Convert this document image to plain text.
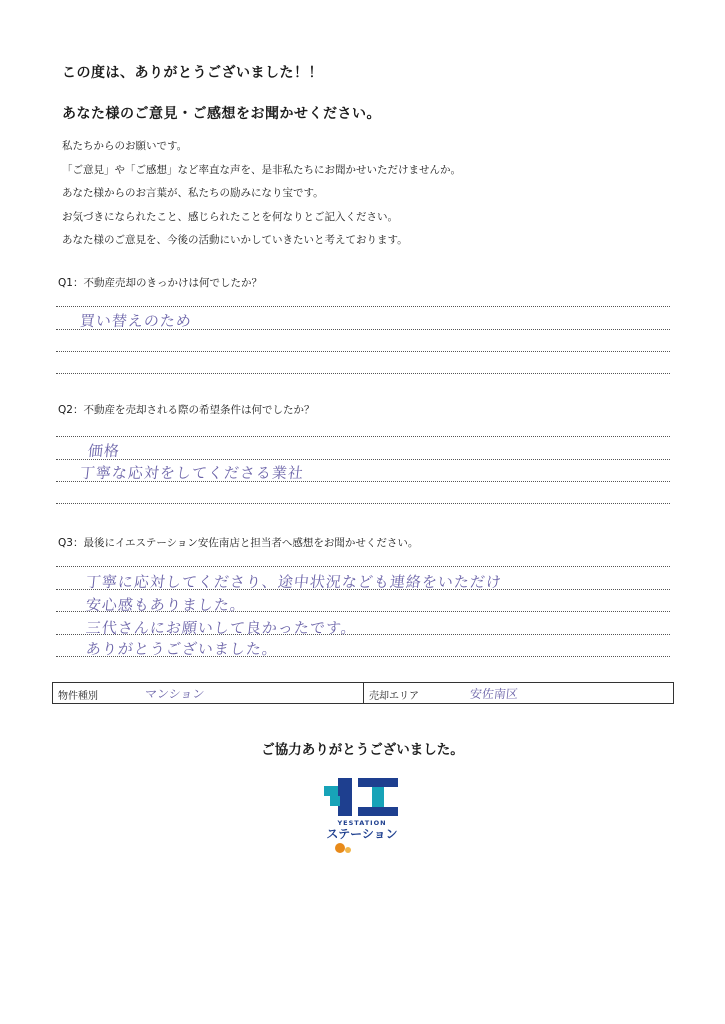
この度は、ありがとうございました！！
あなた様のご意見・ご感想をお聞かせください。
私たちからのお願いです。
「ご意見」や「ご感想」など率直な声を、是非私たちにお聞かせいただけませんか。
あなた様からのお言葉が、私たちの励みになり宝です。
お気づきになられたこと、感じられたことを何なりとご記入ください。
あなた様のご意見を、今後の活動にいかしていきたいと考えております。
Q1：不動産売却のきっかけは何でしたか？
買い替えのため
Q2：不動産を売却される際の希望条件は何でしたか？
価格
丁寧な応対をしてくださる業社
Q3：最後にイエステーション安佐南店と担当者へ感想をお聞かせください。
丁寧に応対してくださり、途中状況なども連絡をいただけ
安心感もありました。
三代さんにお願いして良かったです。
ありがとうございました。
物件種別	マンション	売却エリア	安佐南区
ご協力ありがとうございました。
YESTATION
ステーション
